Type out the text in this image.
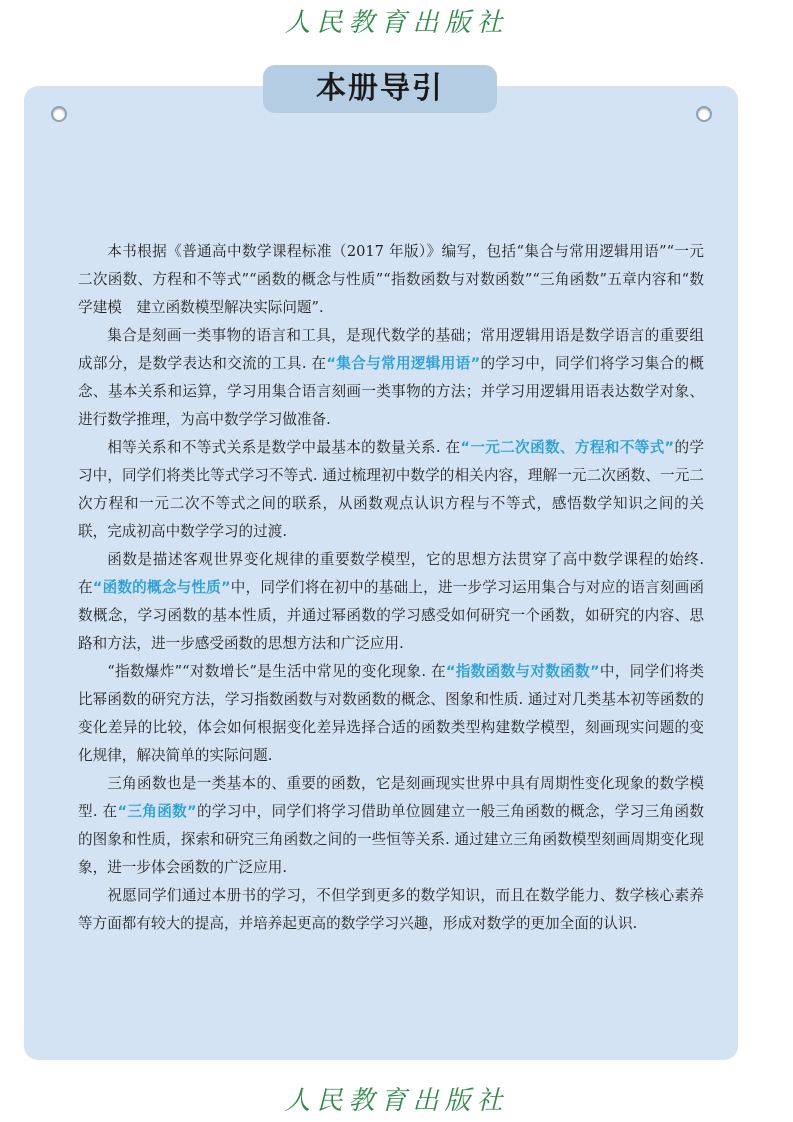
人民教育出版社
本册导引

本书根据《普通高中数学课程标准（2017 年版）》编写，包括“集合与常用逻辑用语”“一元二次函数、方程和不等式”“函数的概念与性质”“指数函数与对数函数”“三角函数”五章内容和“数学建模　建立函数模型解决实际问题”.

集合是刻画一类事物的语言和工具，是现代数学的基础；常用逻辑用语是数学语言的重要组成部分，是数学表达和交流的工具. 在“集合与常用逻辑用语”的学习中，同学们将学习集合的概念、基本关系和运算，学习用集合语言刻画一类事物的方法；并学习用逻辑用语表达数学对象、进行数学推理，为高中数学学习做准备.

相等关系和不等式关系是数学中最基本的数量关系. 在“一元二次函数、方程和不等式”的学习中，同学们将类比等式学习不等式. 通过梳理初中数学的相关内容，理解一元二次函数、一元二次方程和一元二次不等式之间的联系，从函数观点认识方程与不等式，感悟数学知识之间的关联，完成初高中数学学习的过渡.

函数是描述客观世界变化规律的重要数学模型，它的思想方法贯穿了高中数学课程的始终. 在“函数的概念与性质”中，同学们将在初中的基础上，进一步学习运用集合与对应的语言刻画函数概念，学习函数的基本性质，并通过幂函数的学习感受如何研究一个函数，如研究的内容、思路和方法，进一步感受函数的思想方法和广泛应用.

“指数爆炸”“对数增长”是生活中常见的变化现象. 在“指数函数与对数函数”中，同学们将类比幂函数的研究方法，学习指数函数与对数函数的概念、图象和性质. 通过对几类基本初等函数的变化差异的比较，体会如何根据变化差异选择合适的函数类型构建数学模型，刻画现实问题的变化规律，解决简单的实际问题.

三角函数也是一类基本的、重要的函数，它是刻画现实世界中具有周期性变化现象的数学模型. 在“三角函数”的学习中，同学们将学习借助单位圆建立一般三角函数的概念，学习三角函数的图象和性质，探索和研究三角函数之间的一些恒等关系. 通过建立三角函数模型刻画周期变化现象，进一步体会函数的广泛应用.

祝愿同学们通过本册书的学习，不但学到更多的数学知识，而且在数学能力、数学核心素养等方面都有较大的提高，并培养起更高的数学学习兴趣，形成对数学的更加全面的认识.

人民教育出版社
